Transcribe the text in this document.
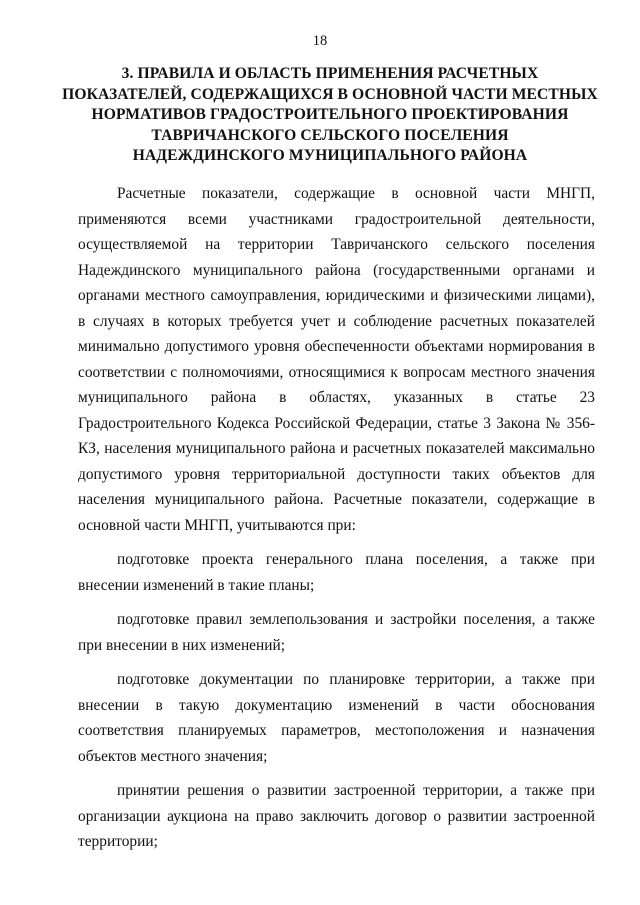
18
3. ПРАВИЛА И ОБЛАСТЬ ПРИМЕНЕНИЯ РАСЧЕТНЫХ
ПОКАЗАТЕЛЕЙ, СОДЕРЖАЩИХСЯ В ОСНОВНОЙ ЧАСТИ МЕСТНЫХ
НОРМАТИВОВ ГРАДОСТРОИТЕЛЬНОГО ПРОЕКТИРОВАНИЯ
ТАВРИЧАНСКОГО СЕЛЬСКОГО ПОСЕЛЕНИЯ
НАДЕЖДИНСКОГО МУНИЦИПАЛЬНОГО РАЙОНА

Расчетные показатели, содержащие в основной части МНГП, применяются всеми участниками градостроительной деятельности, осуществляемой на территории Тавричанского сельского поселения Надеждинского муниципального района (государственными органами и органами местного самоуправления, юридическими и физическими лицами), в случаях в которых требуется учет и соблюдение расчетных показателей минимально допустимого уровня обеспеченности объектами нормирования в соответствии с полномочиями, относящимися к вопросам местного значения муниципального района в областях, указанных в статье 23 Градостроительного Кодекса Российской Федерации, статье 3 Закона № 356-КЗ, населения муниципального района и расчетных показателей максимально допустимого уровня территориальной доступности таких объектов для населения муниципального района. Расчетные показатели, содержащие в основной части МНГП, учитываются при:

подготовке проекта генерального плана поселения, а также при внесении изменений в такие планы;

подготовке правил землепользования и застройки поселения, а также при внесении в них изменений;

подготовке документации по планировке территории, а также при внесении в такую документацию изменений в части обоснования соответствия планируемых параметров, местоположения и назначения объектов местного значения;

принятии решения о развитии застроенной территории, а также при организации аукциона на право заключить договор о развитии застроенной территории;
